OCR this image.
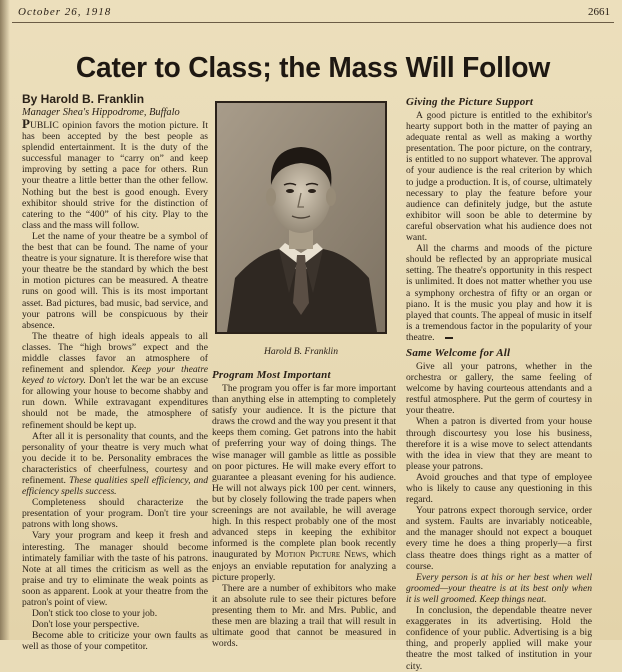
October 26, 1918	2661
Cater to Class; the Mass Will Follow
By Harold B. Franklin
Manager Shea's Hippodrome, Buffalo

PUBLIC opinion favors the motion picture. It has been accepted by the best people as splendid entertainment. It is the duty of the successful manager to “carry on” and keep improving by setting a pace for others. Run your theatre a little better than the other fellow. Nothing but the best is good enough. Every exhibitor should strive for the distinction of catering to the “400” of his city. Play to the class and the mass will follow.

Let the name of your theatre be a symbol of the best that can be found. The name of your theatre is your signature. It is therefore wise that your theatre be the standard by which the best in motion pictures can be measured. A theatre runs on good will. This is its most important asset. Bad pictures, bad music, bad service, and your patrons will be conspicuous by their absence.

The theatre of high ideals appeals to all classes. The “high brows” expect and the middle classes favor an atmosphere of refinement and splendor. Keep your theatre keyed to victory. Don't let the war be an excuse for allowing your house to become shabby and run down. While extravagant expenditures should not be made, the atmosphere of refinement should be kept up.

After all it is personality that counts, and the personality of your theatre is very much what you decide it to be. Personality embraces the characteristics of cheerfulness, courtesy and refinement. These qualities spell efficiency, and efficiency spells success.

Completeness should characterize the presentation of your program. Don't tire your patrons with long shows.

Vary your program and keep it fresh and interesting. The manager should become intimately familiar with the taste of his patrons. Note at all times the criticism as well as the praise and try to eliminate the weak points as soon as apparent. Look at your theatre from the patron's point of view.

Don't stick too close to your job.

Don't lose your perspective.

Become able to criticize your own faults as well as those of your competitor.

Harold B. Franklin
Program Most Important

The program you offer is far more important than anything else in attempting to completely satisfy your audience. It is the picture that draws the crowd and the way you present it that keeps them coming. Get patrons into the habit of preferring your way of doing things. The wise manager will gamble as little as possible on poor pictures. He will make every effort to guarantee a pleasant evening for his audience. He will not always pick 100 per cent. winners, but by closely following the trade papers when screenings are not available, he will average high. In this respect probably one of the most advanced steps in keeping the exhibitor informed is the complete plan book recently inaugurated by Motion Picture News, which enjoys an enviable reputation for analyzing a picture properly.

There are a number of exhibitors who make it an absolute rule to see their pictures before presenting them to Mr. and Mrs. Public, and these men are blazing a trail that will result in ultimate good that cannot be measured in words.

Giving the Picture Support

A good picture is entitled to the exhibitor's hearty support both in the matter of paying an adequate rental as well as making a worthy presentation. The poor picture, on the contrary, is entitled to no support whatever. The approval of your audience is the real criterion by which to judge a production. It is, of course, ultimately necessary to play the feature before your audience can definitely judge, but the astute exhibitor will soon be able to determine by careful observation what his audience does not want.

All the charms and moods of the picture should be reflected by an appropriate musical setting. The theatre's opportunity in this respect is unlimited. It does not matter whether you use a symphony orchestra of fifty or an organ or piano. It is the music you play and how it is played that counts. The appeal of music in itself is a tremendous factor in the popularity of your theatre.

Same Welcome for All

Give all your patrons, whether in the orchestra or gallery, the same feeling of welcome by having courteous attendants and a restful atmosphere. Put the germ of courtesy in your theatre.

When a patron is diverted from your house through discourtesy you lose his business, therefore it is a wise move to select attendants with the idea in view that they are meant to please your patrons.

Avoid grouches and that type of employee who is likely to cause any questioning in this regard.

Your patrons expect thorough service, order and system. Faults are invariably noticeable, and the manager should not expect a bouquet every time he does a thing properly—a first class theatre does things right as a matter of course.

Every person is at his or her best when well groomed—your theatre is at its best only when it is well groomed. Keep things neat.

In conclusion, the dependable theatre never exaggerates in its advertising. Hold the confidence of your public. Advertising is a big thing, and properly applied will make your theatre the most talked of institution in your city.
